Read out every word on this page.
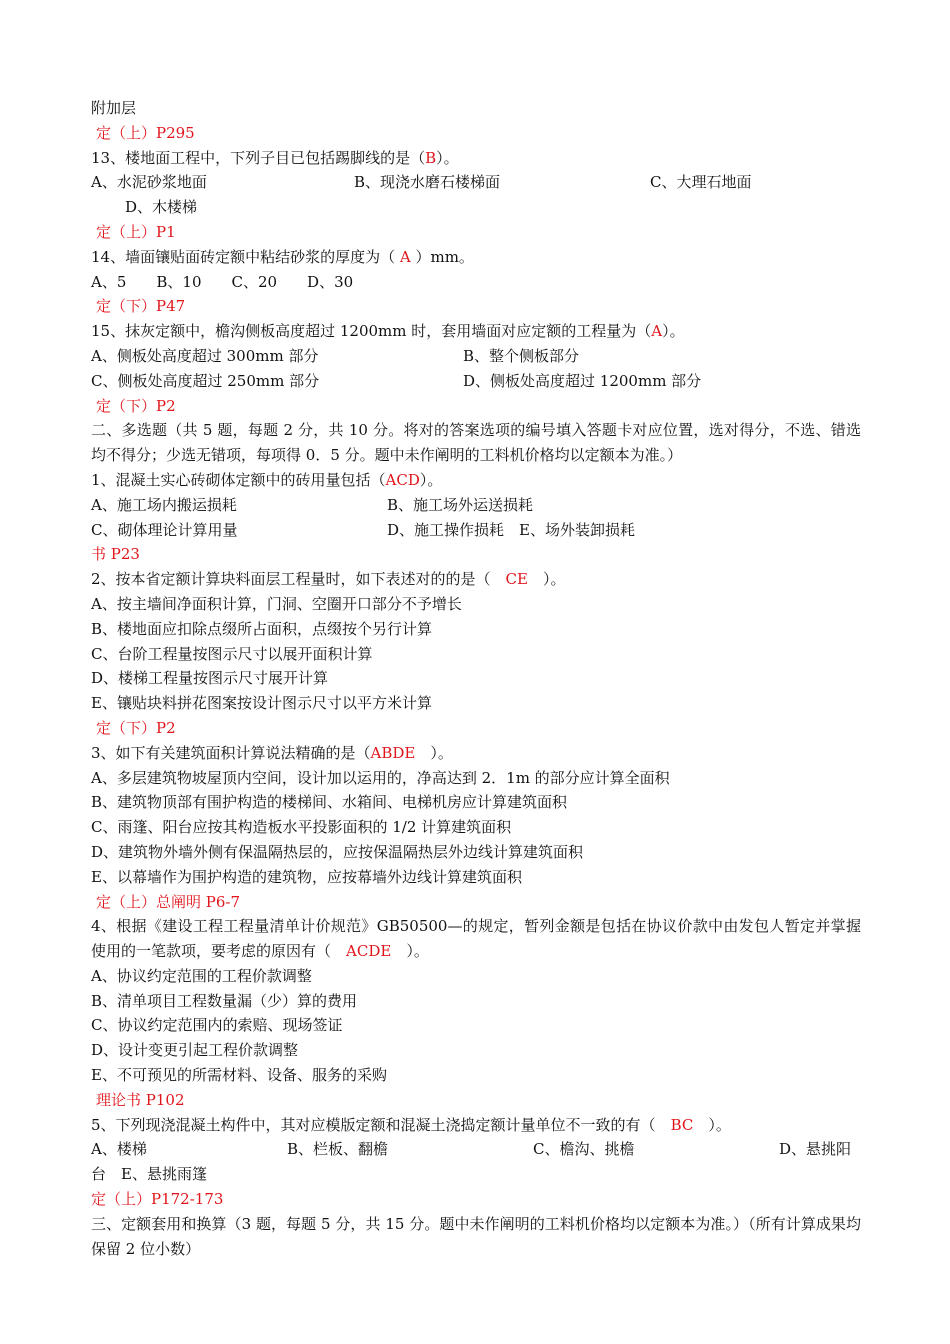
附加层
定（上）P295
13、楼地面工程中，下列子目已包括踢脚线的是（B）。
A、水泥砂浆地面	B、现浇水磨石楼梯面	C、大理石地面
D、木楼梯
定（上）P1
14、墙面镶贴面砖定额中粘结砂浆的厚度为（ A ）mm。
A、5　　B、10　　C、20　　D、30
定（下）P47
15、抹灰定额中，檐沟侧板高度超过 1200mm 时，套用墙面对应定额的工程量为（A）。
A、侧板处高度超过 300mm 部分	B、整个侧板部分
C、侧板处高度超过 250mm 部分	D、侧板处高度超过 1200mm 部分
定（下）P2
二、多选题（共 5 题，每题 2 分，共 10 分。将对的答案选项的编号填入答题卡对应位置，选对得分，不选、错选均不得分；少选无错项，每项得 0．5 分。题中未作阐明的工料机价格均以定额本为准。）
1、混凝土实心砖砌体定额中的砖用量包括（ACD）。
A、施工场内搬运损耗	B、施工场外运送损耗
C、砌体理论计算用量	D、施工操作损耗　E、场外装卸损耗
书 P23
2、按本省定额计算块料面层工程量时，如下表述对的的是（　CE　）。
A、按主墙间净面积计算，门洞、空圈开口部分不予增长
B、楼地面应扣除点缀所占面积，点缀按个另行计算
C、台阶工程量按图示尺寸以展开面积计算
D、楼梯工程量按图示尺寸展开计算
E、镶贴块料拼花图案按设计图示尺寸以平方米计算
定（下）P2
3、如下有关建筑面积计算说法精确的是（ABDE　）。
A、多层建筑物坡屋顶内空间，设计加以运用的，净高达到 2．1m 的部分应计算全面积
B、建筑物顶部有围护构造的楼梯间、水箱间、电梯机房应计算建筑面积
C、雨篷、阳台应按其构造板水平投影面积的 1/2 计算建筑面积
D、建筑物外墙外侧有保温隔热层的，应按保温隔热层外边线计算建筑面积
E、以幕墙作为围护构造的建筑物，应按幕墙外边线计算建筑面积
定（上）总阐明 P6-7
4、根据《建设工程工程量清单计价规范》GB50500—的规定，暂列金额是包括在协议价款中由发包人暂定并掌握使用的一笔款项，要考虑的原因有（　ACDE　）。
A、协议约定范围的工程价款调整
B、清单项目工程数量漏（少）算的费用
C、协议约定范围内的索赔、现场签证
D、设计变更引起工程价款调整
E、不可预见的所需材料、设备、服务的采购
理论书 P102
5、下列现浇混凝土构件中，其对应模版定额和混凝土浇捣定额计量单位不一致的有（　BC　）。
A、楼梯	B、栏板、翻檐	C、檐沟、挑檐	D、悬挑阳
台　E、悬挑雨篷
定（上）P172-173
三、定额套用和换算（3 题，每题 5 分，共 15 分。题中未作阐明的工料机价格均以定额本为准。）（所有计算成果均保留 2 位小数）
